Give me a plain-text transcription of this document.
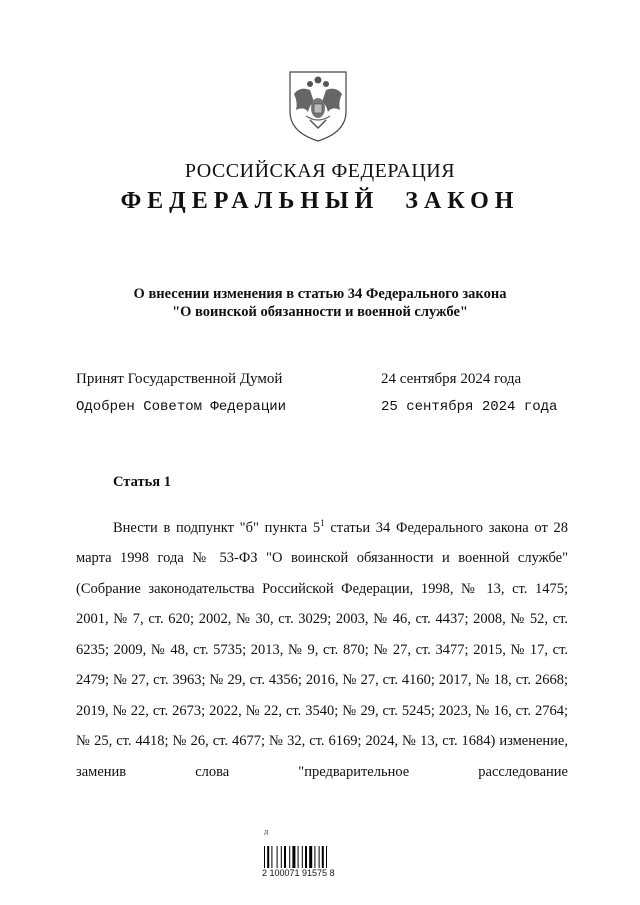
РОССИЙСКАЯ ФЕДЕРАЦИЯ
ФЕДЕРАЛЬНЫЙ ЗАКОН
О внесении изменения в статью 34 Федерального закона
"О воинской обязанности и военной службе"
Принят Государственной Думой	24 сентября 2024 года
Одобрен Советом Федерации	25 сентября 2024 года
Статья 1

Внести в подпункт "б" пункта $5^1$ статьи 34 Федерального закона от 28 марта 1998 года № 53-ФЗ "О воинской обязанности и военной службе" (Собрание законодательства Российской Федерации, 1998, № 13, ст. 1475; 2001, № 7, ст. 620; 2002, № 30, ст. 3029; 2003, № 46, ст. 4437; 2008, № 52, ст. 6235; 2009, № 48, ст. 5735; 2013, № 9, ст. 870; № 27, ст. 3477; 2015, № 17, ст. 2479; № 27, ст. 3963; № 29, ст. 4356; 2016, № 27, ст. 4160; 2017, № 18, ст. 2668; 2019, № 22, ст. 2673; 2022, № 22, ст. 3540; № 29, ст. 5245; 2023, № 16, ст. 2764; № 25, ст. 4418; № 26, ст. 4677; № 32, ст. 6169; 2024, № 13, ст. 1684) изменение, заменив слова "предварительное расследование

Д
2 100071 91575 8
